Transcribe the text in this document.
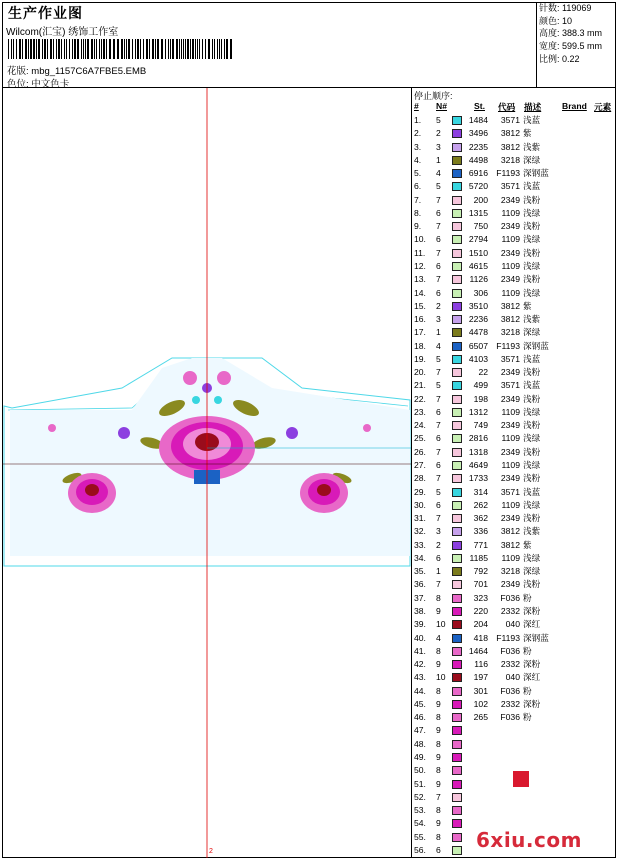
生产作业图
Wilcom(汇宝) 绣饰工作室
花版: mbg_1157C6A7FBE5.EMB
色位: 中文色卡
针数: 119069
颜色: 10
高度: 388.3 mm
宽度: 599.5 mm
比例: 0.22
2
停止顺序:
# N#	St. 代码 描述 Brand 元素
1. 5	1484	3571 浅蓝
2. 2	3496	3812 紫
3. 3	2235	3812 浅紫
4. 1	4498	3218 深绿
5. 4	6916 F1193 深钢蓝
6. 5	5720	3571 浅蓝
7. 7	200	2349 浅粉
8. 6	1315	1109 浅绿
9. 7	750	2349 浅粉
10. 6	2794	1109 浅绿
11. 7	1510	2349 浅粉
12. 6	4615	1109 浅绿
13. 7	1126	2349 浅粉
14. 6	306	1109 浅绿
15. 2	3510	3812 紫
16. 3	2236	3812 浅紫
17. 1	4478	3218 深绿
18. 4	6507 F1193 深钢蓝
19. 5	4103	3571 浅蓝
20. 7	22	2349 浅粉
21. 5	499	3571 浅蓝
22. 7	198	2349 浅粉
23. 6	1312	1109 浅绿
24. 7	749	2349 浅粉
25. 6	2816	1109 浅绿
26. 7	1318	2349 浅粉
27. 6	4649	1109 浅绿
28. 7	1733	2349 浅粉
29. 5	314	3571 浅蓝
30. 6	262	1109 浅绿
31. 7	362	2349 浅粉
32. 3	336	3812 浅紫
33. 2	771	3812 紫
34. 6	1185	1109 浅绿
35. 1	792	3218 深绿
36. 7	701	2349 浅粉
37. 8	323	F036 粉
38. 9	220	2332 深粉
39. 10	204	040 深红
40. 4	418 F1193 深钢蓝
41. 8	1464	F036 粉
42. 9	116	2332 深粉
43. 10	197	040 深红
44. 8	301	F036 粉
45. 9	102	2332 深粉
46. 8	265	F036 粉
47. 9
48. 8
49. 9
50. 8
51. 9
52. 7
53. 8
54. 9
55. 8
56. 6 6xiu.com
